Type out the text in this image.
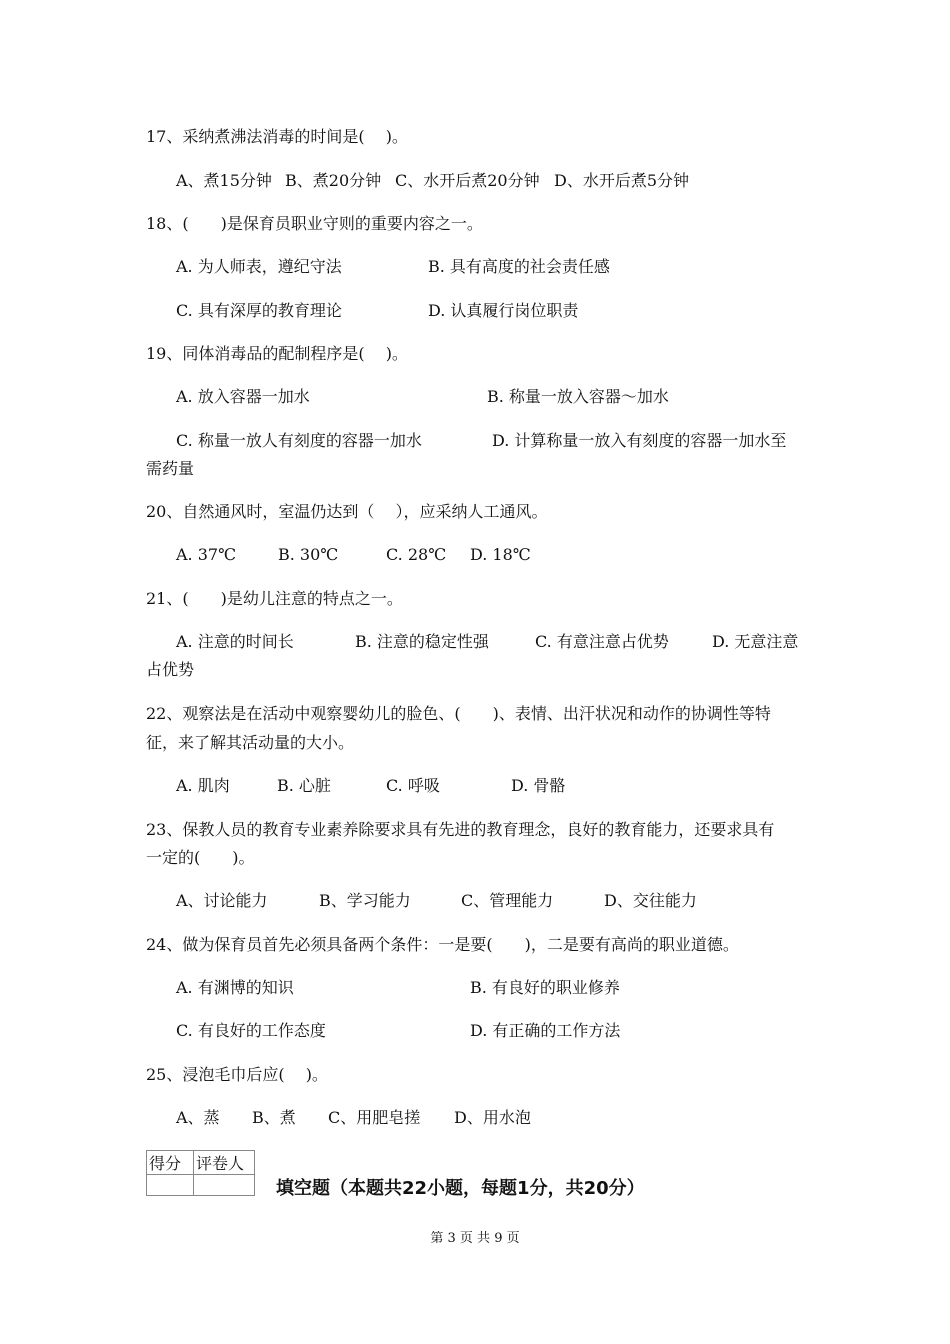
17、采纳煮沸法消毒的时间是(　 )。
A、煮15分钟 B、煮20分钟 C、水开后煮20分钟 D、水开后煮5分钟
18、(　　)是保育员职业守则的重要内容之一。
A. 为人师表，遵纪守法	B. 具有高度的社会责任感
C. 具有深厚的教育理论	D. 认真履行岗位职责
19、同体消毒品的配制程序是(　 )。
A. 放入容器一加水	B. 称量一放入容器～加水
C. 称量一放人有刻度的容器一加水	D. 计算称量一放入有刻度的容器一加水至
需药量
20、自然通风时，室温仍达到（　 ），应采纳人工通风。
A. 37℃	B. 30℃	C. 28℃ D. 18℃
21、(　　)是幼儿注意的特点之一。
A. 注意的时间长	B. 注意的稳定性强	C. 有意注意占优势	D. 无意注意
占优势
22、观察法是在活动中观察婴幼儿的脸色、(　　)、表情、出汗状况和动作的协调性等特
征，来了解其活动量的大小。
A. 肌肉	B. 心脏	C. 呼吸	D. 骨骼
23、保教人员的教育专业素养除要求具有先进的教育理念，良好的教育能力，还要求具有
一定的(　　)。
A、讨论能力	B、学习能力	C、管理能力	D、交往能力
24、做为保育员首先必须具备两个条件：一是要(　　)，二是要有高尚的职业道德。
A. 有渊博的知识	B. 有良好的职业修养
C. 有良好的工作态度	D. 有正确的工作方法
25、浸泡毛巾后应(　 )。
A、蒸 B、煮 C、用肥皂搓 D、用水泡
得分	评卷人

填空题（本题共22小题，每题1分，共20分）
第 3 页 共 9 页
